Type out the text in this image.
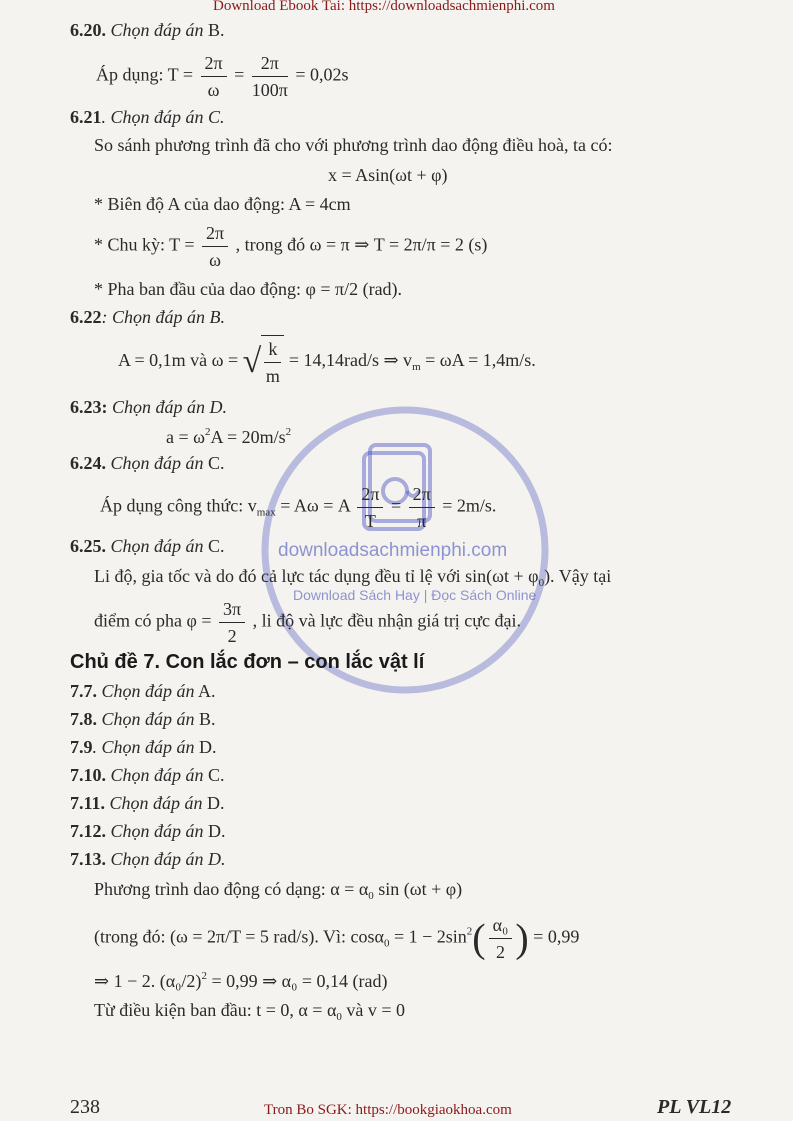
Download Ebook Tai: https://downloadsachmienphi.com
downloadsachmienphi.com
Download Sách Hay | Đọc Sách Online
6.20. Chọn đáp án B.
Áp dụng: $T = \frac{2\pi}{\omega} = \frac{2\pi}{100\pi} = 0,02s$
6.21. Chọn đáp án C.
So sánh phương trình đã cho với phương trình dao động điều hoà, ta có:
x = Asin(ωt + φ)
* Biên độ A của dao động: A = 4cm
* Chu kỳ: $T = \frac{2\pi}{\omega}$ , trong đó ω = π ⇒ T = 2π/π = 2 (s)
* Pha ban đầu của dao động: φ = π/2 (rad).
6.22: Chọn đáp án B.
A = 0,1m và ω = √ $\frac{k}{m} = 14,14rad/s$ ⇒ $v_m = \omega A = 1,4m/s$.
6.23: Chọn đáp án D.
$a = \omega^2A = 20m/s^2$
6.24. Chọn đáp án C.
Áp dụng công thức: $v_{max} = A\omega = A \frac{2\pi}{T} = \frac{2\pi}{\pi} = 2m/s$.
6.25. Chọn đáp án C.
Li độ, gia tốc và do đó cả lực tác dụng đều tỉ lệ với $\sin(\omega t + \varphi_0)$. Vậy tại
điểm có pha $\varphi = \frac{3\pi}{2}$ , li độ và lực đều nhận giá trị cực đại.
Chủ đề 7. Con lắc đơn – con lắc vật lí
7.7. Chọn đáp án A.
7.8. Chọn đáp án B.
7.9. Chọn đáp án D.
7.10. Chọn đáp án C.
7.11. Chọn đáp án D.
7.12. Chọn đáp án D.
7.13. Chọn đáp án D.
Phương trình dao động có dạng: $\alpha = \alpha_0$ sin (ωt + φ)
(trong đó: (ω = 2π/T = 5 rad/s). Vì: $\cos\alpha_0 = 1 - 2\sin^2( \frac{\text{α₀}}{2}$ ) = 0,99
⇒ 1 − 2. $(\alpha_0/2)^2 = 0,99$ ⇒ α₀ = 0,14 (rad)
Từ điều kiện ban đầu: t = 0, $\alpha = \alpha_0$ và v = 0
238	Tron Bo SGK: https://bookgiaokhoa.com	PL VL12
